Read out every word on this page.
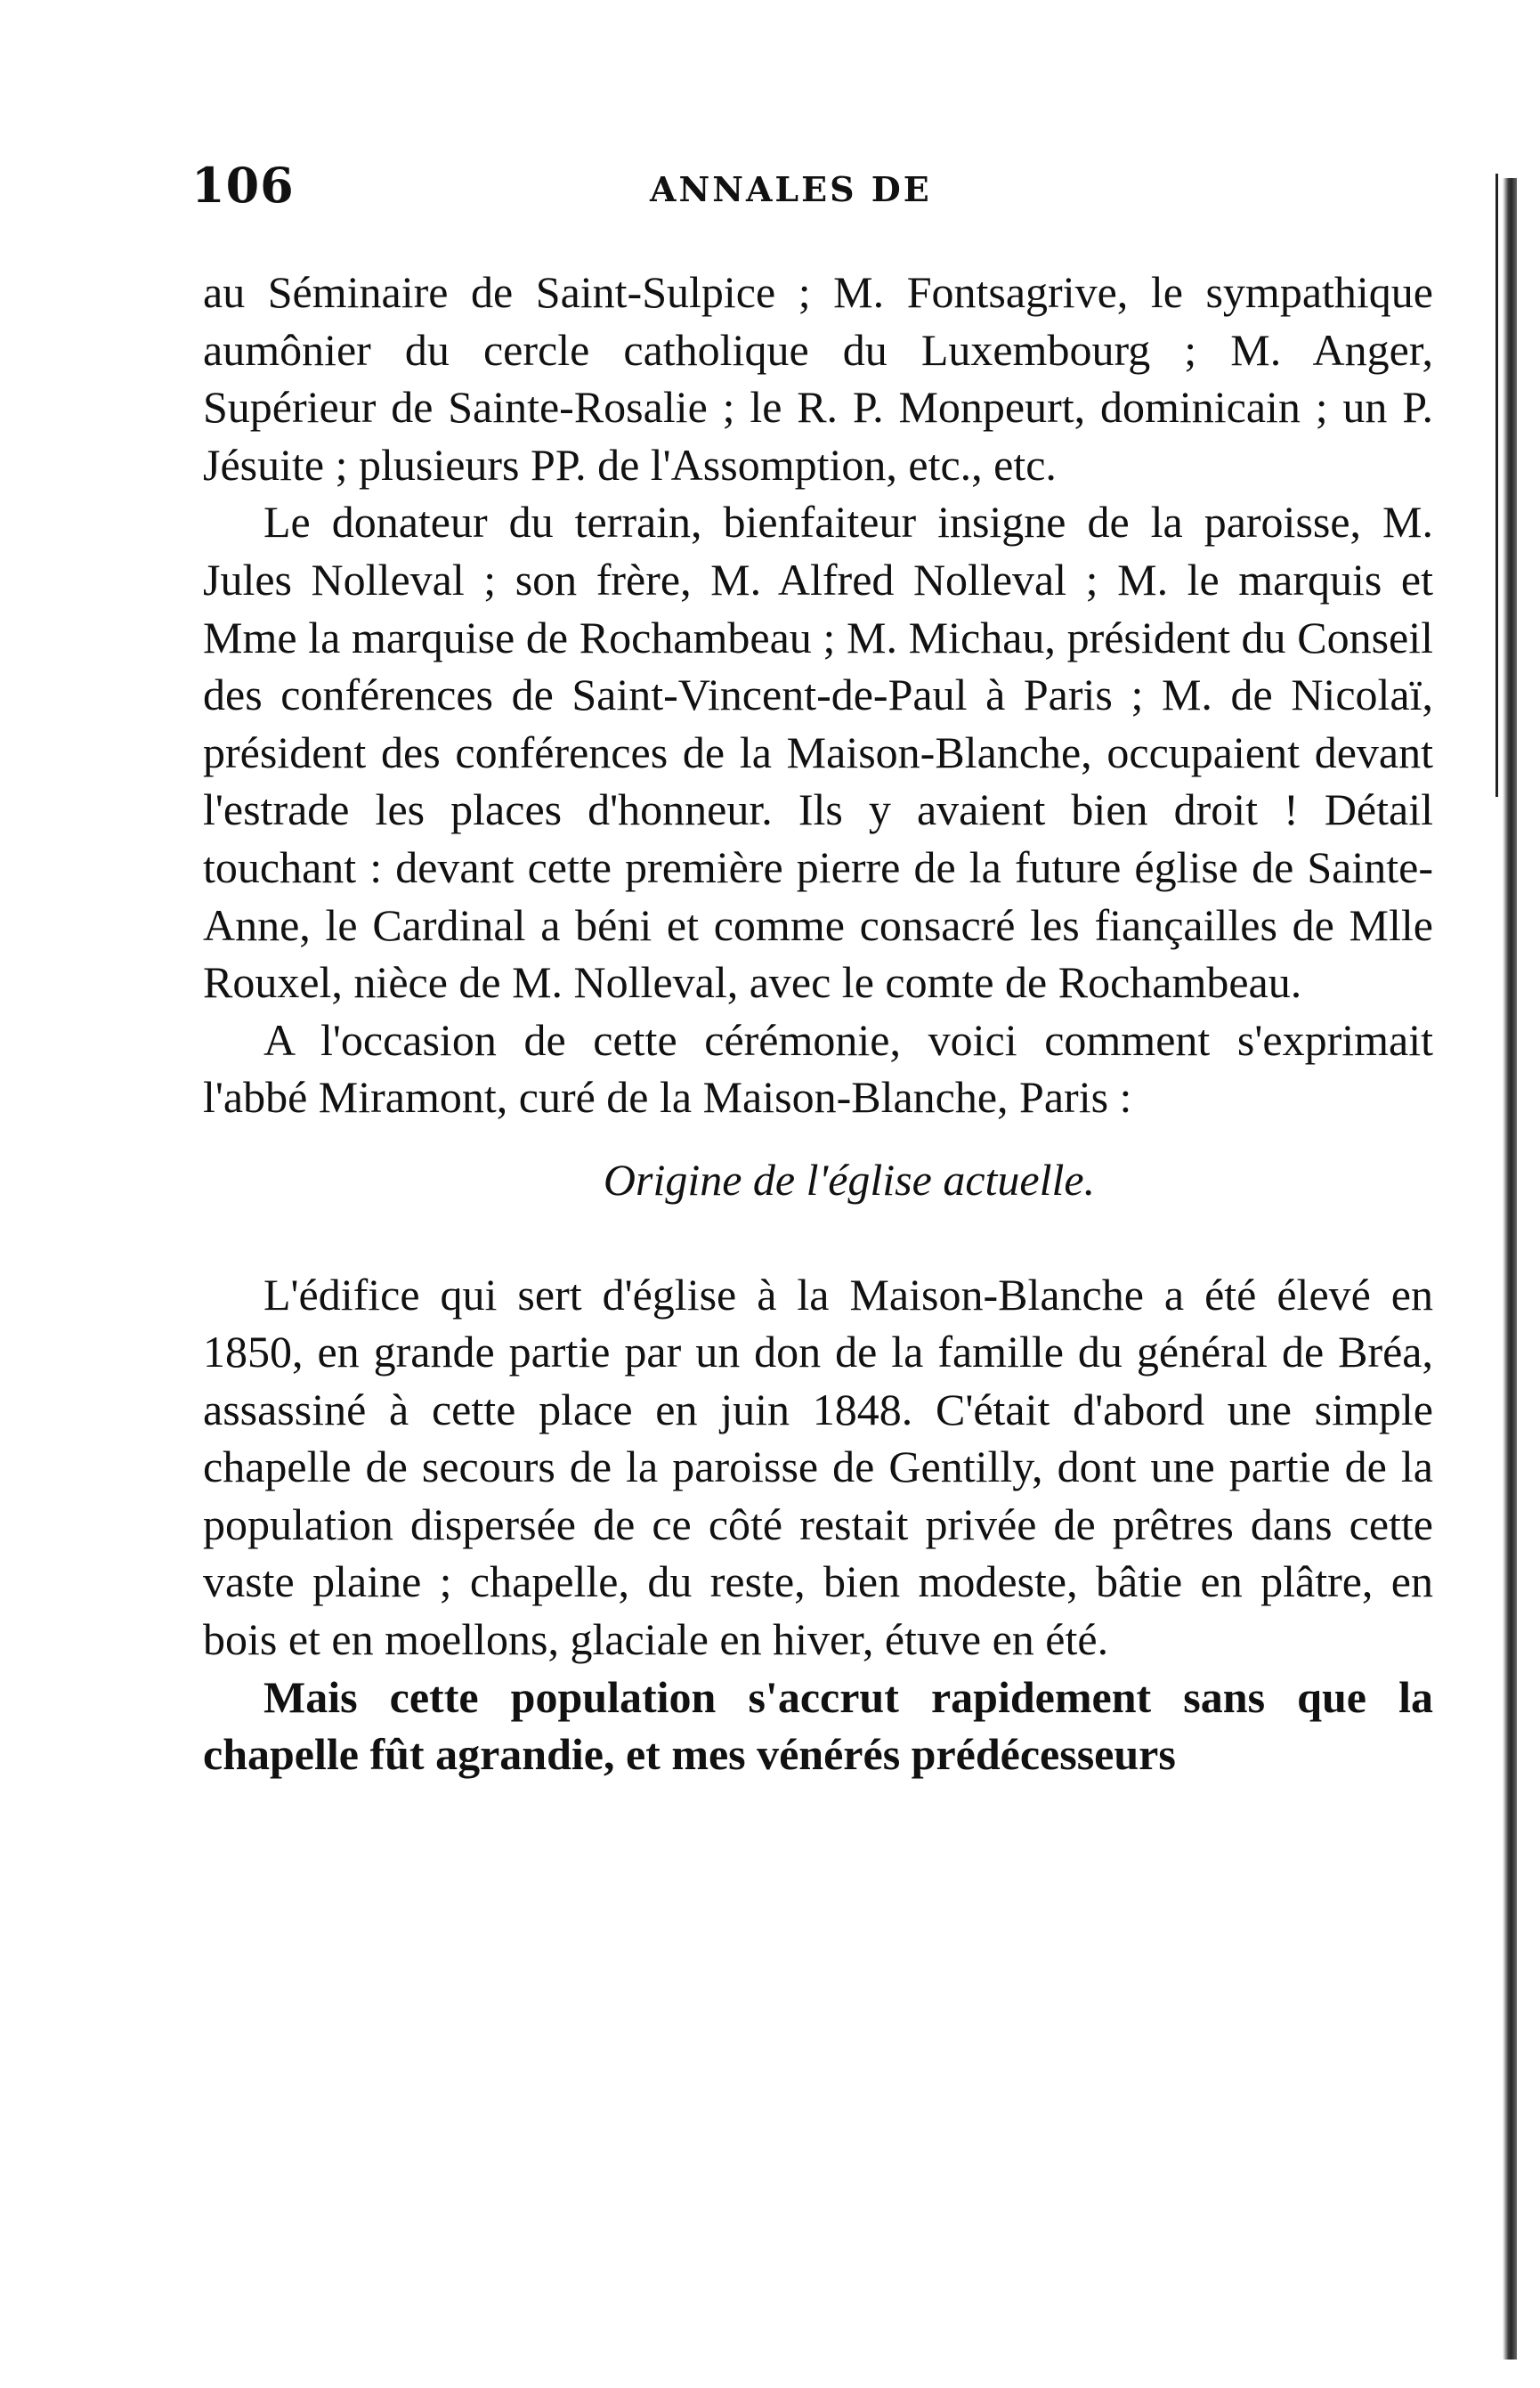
106	ANNALES DE

au Séminaire de Saint-Sulpice ; M. Fontsagrive, le sympathique aumônier du cercle catholique du Luxembourg ; M. Anger, Supérieur de Sainte-Rosalie ; le R. P. Monpeurt, dominicain ; un P. Jésuite ; plusieurs PP. de l'Assomption, etc., etc.

Le donateur du terrain, bienfaiteur insigne de la paroisse, M. Jules Nolleval ; son frère, M. Alfred Nolleval ; M. le marquis et Mme la marquise de Rochambeau ; M. Michau, président du Conseil des conférences de Saint-Vincent-de-Paul à Paris ; M. de Nicolaï, président des conférences de la Maison-Blanche, occupaient devant l'estrade les places d'honneur. Ils y avaient bien droit ! Détail touchant : devant cette première pierre de la future église de Sainte-Anne, le Cardinal a béni et comme consacré les fiançailles de Mlle Rouxel, nièce de M. Nolleval, avec le comte de Rochambeau.

A l'occasion de cette cérémonie, voici comment s'exprimait l'abbé Miramont, curé de la Maison-Blanche, Paris :

Origine de l'église actuelle.

L'édifice qui sert d'église à la Maison-Blanche a été élevé en 1850, en grande partie par un don de la famille du général de Bréa, assassiné à cette place en juin 1848. C'était d'abord une simple chapelle de secours de la paroisse de Gentilly, dont une partie de la population dispersée de ce côté restait privée de prêtres dans cette vaste plaine ; chapelle, du reste, bien modeste, bâtie en plâtre, en bois et en moellons, glaciale en hiver, étuve en été.

Mais cette population s'accrut rapidement sans que la chapelle fût agrandie, et mes vénérés prédécesseurs
